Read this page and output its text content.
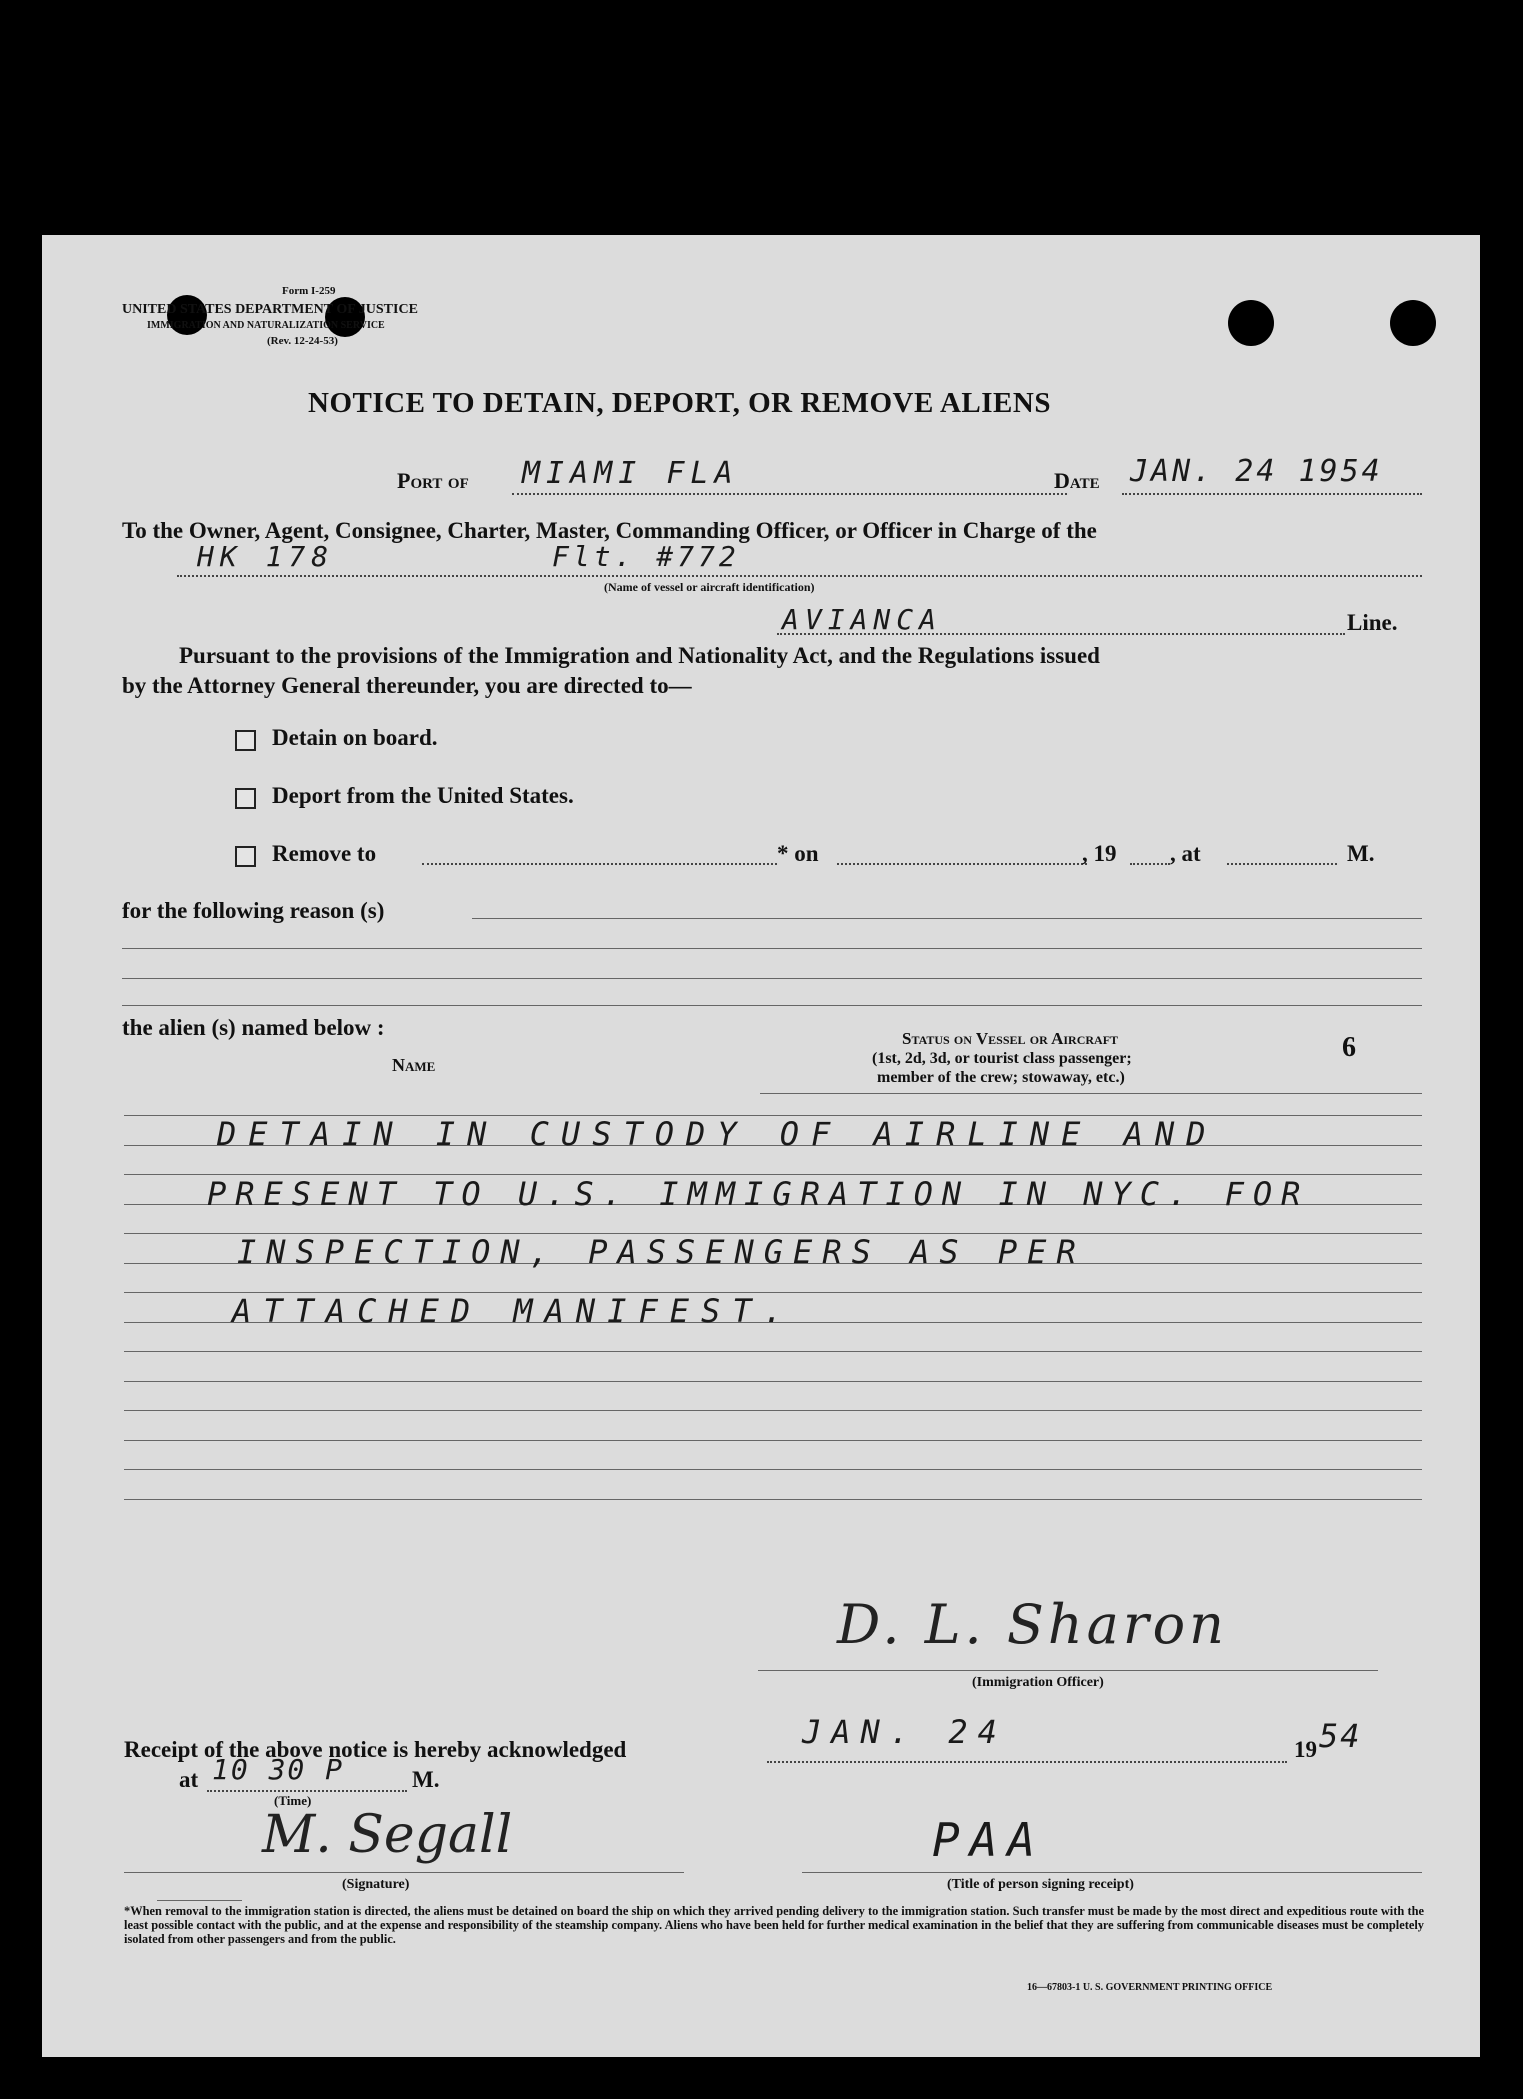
Form I-259
UNITED STATES DEPARTMENT OF JUSTICE
IMMIGRATION AND NATURALIZATION SERVICE
(Rev. 12-24-53)
NOTICE TO DETAIN, DEPORT, OR REMOVE ALIENS
Port of MIAMI FLA	Date JAN. 24 1954
To the Owner, Agent, Consignee, Charter, Master, Commanding Officer, or Officer in Charge of the
HK 178	Flt. #772
(Name of vessel or aircraft identification)
AVIANCA	Line.
Pursuant to the provisions of the Immigration and Nationality Act, and the Regulations issued
by the Attorney General thereunder, you are directed to—
Detain on board.
Deport from the United States.
Remove to	* on	, 19 , at	M.
for the following reason (s)
the alien (s) named below :
Name
Status on Vessel or Aircraft
(1st, 2d, 3d, or tourist class passenger;
member of the crew; stowaway, etc.)
6
DETAIN IN CUSTODY OF AIRLINE AND
PRESENT TO U.S. IMMIGRATION IN NYC. FOR
INSPECTION, PASSENGERS AS PER
ATTACHED MANIFEST.
D. L. Sharon
(Immigration Officer)
Receipt of the above notice is hereby acknowledged	JAN. 24	19 54
at 10 30 P	M.
(Time)
M. Segall
(Signature)
PAA
(Title of person signing receipt)
*When removal to the immigration station is directed, the aliens must be detained on board the ship on which they arrived pending delivery to the immigration station. Such transfer must be made by the most direct and expeditious route with the least possible contact with the public, and at the expense and responsibility of the steamship company. Aliens who have been held for further medical examination in the belief that they are suffering from communicable diseases must be completely isolated from other passengers and from the public.
16—67803-1 U. S. GOVERNMENT PRINTING OFFICE
